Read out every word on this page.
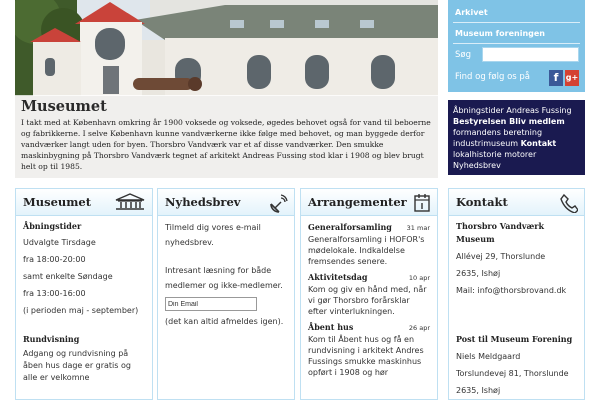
Museumet
I takt med at København omkring år 1900 voksede og voksede, øgedes behovet også for vand til beboerne og fabrikkerne. I selve København kunne vandværkerne ikke følge med behovet, og man byggede derfor vandværker langt uden for byen. Thorsbro Vandværk var et af disse vandværker. Den smukke maskinbygning på Thorsbro Vandværk tegnet af arkitekt Andreas Fussing stod klar i 1908 og blev brugt helt op til 1985.
Arkivet
Museum foreningen
Søg
Find og følg os på	f g+

Åbningstider Andreas Fussing
Bestyrelsen Bliv medlem
formandens beretning
industrimuseum Kontakt
lokalhistorie motorer Nyhedsbrev

Museumet
Åbningstider
Udvalgte Tirsdage
fra 18:00-20:00
samt enkelte Søndage
fra 13:00-16:00
(i perioden maj - september)
Rundvisning
Adgang og rundvisning på åben hus dage er gratis og alle er velkomne
Nyhedsbrev
Tilmeld dig vores e-mail nyhedsbrev.
Intresant læsning for både medlemer og ikke-medlemer.
Din Email
(det kan altid afmeldes igen).
Arrangementer
Generalforsamling 31 mar
Generalforsamling i HOFOR's mødelokale. Indkaldelse fremsendes senere.
Aktivitetsdag	10 apr
Kom og giv en hånd med, når vi gør Thorsbro forårsklar efter vinterlukningen.
Åbent hus	26 apr
Kom til Åbent hus og få en rundvisning i arkitekt Andres Fussings smukke maskinhus opført i 1908 og hør
Kontakt
Thorsbro Vandværk Museum
Allévej 29, Thorslunde
2635, Ishøj
Mail: info@thorsbrovand.dk
Post til Museum Forening
Niels Meldgaard
Torslundevej 81, Thorslunde
2635, Ishøj
